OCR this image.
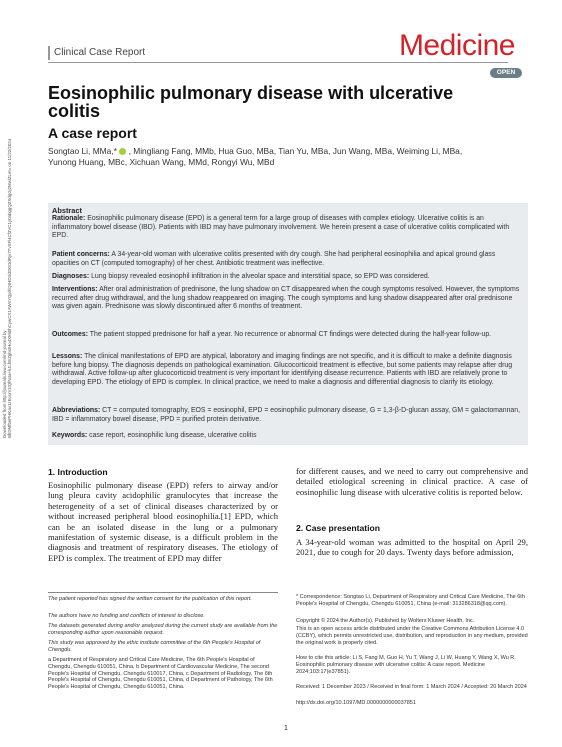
Downloaded from http://journals.lww.com/md-journal by BhDMf5ePHKav1zEoum1tQfN4a+kJLhEZgbsIHo4XMi0hCywCX1AWnYQp/IlQrHD3i3D0OdRyi7TvSFl4Cf3VC1y0abggQZXdgGj2MwlZLeI= on 11/22/2024
Clinical Case Report	Medicine
OPEN
Eosinophilic pulmonary disease with ulcerative
colitis
A case report
Songtao Li, MMa,* , Mingliang Fang, MMb, Hua Guo, MBa, Tian Yu, MBa, Jun Wang, MBa, Weiming Li, MBa,
Yunong Huang, MBc, Xichuan Wang, MMd, Rongyi Wu, MBd
Abstract
Rationale: Eosinophilic pulmonary disease (EPD) is a general term for a large group of diseases with complex etiology. Ulcerative colitis is an inflammatory bowel disease (IBD). Patients with IBD may have pulmonary involvement. We herein present a case of ulcerative colitis complicated with EPD.
Patient concerns: A 34-year-old woman with ulcerative colitis presented with dry cough. She had peripheral eosinophilia and apical ground glass opacities on CT (computed tomography) of her chest. Antibiotic treatment was ineffective.
Diagnoses: Lung biopsy revealed eosinophil infiltration in the alveolar space and interstitial space, so EPD was considered.
Interventions: After oral administration of prednisone, the lung shadow on CT disappeared when the cough symptoms resolved. However, the symptoms recurred after drug withdrawal, and the lung shadow reappeared on imaging. The cough symptoms and lung shadow disappeared after oral prednisone was given again. Prednisone was slowly discontinued after 6 months of treatment.
Outcomes: The patient stopped prednisone for half a year. No recurrence or abnormal CT findings were detected during the half-year follow-up.
Lessons: The clinical manifestations of EPD are atypical, laboratory and imaging findings are not specific, and it is difficult to make a definite diagnosis before lung biopsy. The diagnosis depends on pathological examination. Glucocorticoid treatment is effective, but some patients may relapse after drug withdrawal. Active follow-up after glucocorticoid treatment is very important for identifying disease recurrence. Patients with IBD are relatively prone to developing EPD. The etiology of EPD is complex. In clinical practice, we need to make a diagnosis and differential diagnosis to clarify its etiology.
Abbreviations: CT = computed tomography, EOS = eosinophil, EPD = eosinophilic pulmonary disease, G = 1,3-β-D-glucan assay, GM = galactomannan, IBD = inflammatory bowel disease, PPD = purified protein derivative.
Keywords: case report, eosinophilic lung disease, ulcerative colitis
1. Introduction
Eosinophilic pulmonary disease (EPD) refers to airway and/or lung pleura cavity acidophilic granulocytes that increase the heterogeneity of a set of clinical diseases characterized by or without increased peripheral blood eosinophilia.[1] EPD, which can be an isolated disease in the lung or a pulmonary manifestation of systemic disease, is a difficult problem in the diagnosis and treatment of respiratory diseases. The etiology of EPD is complex. The treatment of EPD may differ
for different causes, and we need to carry out comprehensive and detailed etiological screening in clinical practice. A case of eosinophilic lung disease with ulcerative colitis is reported below.
2. Case presentation
A 34-year-old woman was admitted to the hospital on April 29, 2021, due to cough for 20 days. Twenty days before admission,
The patient reported has signed the written consent for the publication of this report.
The authors have no funding and conflicts of interest to disclose.
The datasets generated during and/or analyzed during the current study are available from the corresponding author upon reasonable request.
This study was approved by the ethic institute committee of the 6th People's Hospital of Chengdu.
a Department of Respiratory and Critical Care Medicine, The 6th People's Hospital of Chengdu, Chengdu 610051, China, b Department of Cardiovascular Medicine, The second People's Hospital of Chengdu, Chengdu 610017, China, c Department of Radiology, The 6th People's Hospital of Chengdu, Chengdu 610051, China, d Department of Pathology, The 6th People's Hospital of Chengdu, Chengdu 610051, China.
* Correspondence: Songtao Li, Department of Respiratory and Critical Care Medicine, The 6th People's Hospital of Chengdu, Chengdu 610051, China (e-mail: 313286318@qq.com).
Copyright © 2024 the Author(s). Published by Wolters Kluwer Health, Inc.
This is an open access article distributed under the Creative Commons Attribution License 4.0 (CCBY), which permits unrestricted use, distribution, and reproduction in any medium, provided the original work is properly cited.
How to cite this article: Li S, Fang M, Guo H, Yu T, Wang J, Li W, Huang Y, Wang X, Wu R. Eosinophilic pulmonary disease with ulcerative colitis: A case report. Medicine 2024;103:17(e37851).
Received: 1 December 2023 / Received in final form: 1 March 2024 / Accepted: 20 March 2024
http://dx.doi.org/10.1097/MD.0000000000037851
1
